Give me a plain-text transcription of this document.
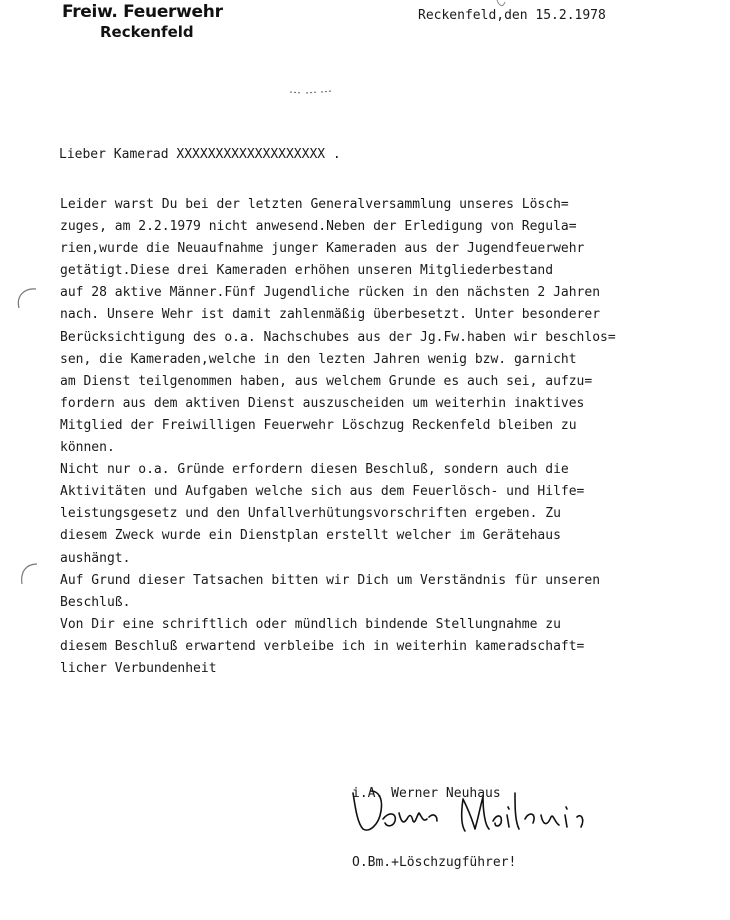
Freiw. Feuerwehr
Reckenfeld
Reckenfeld,den 15.2.1978
Lieber Kamerad XXXXXXXXXXXXXXXXXXX .
Leider warst Du bei der letzten Generalversammlung unseres Lösch=
zuges, am 2.2.1979 nicht anwesend.Neben der Erledigung von Regula=
rien,wurde die Neuaufnahme junger Kameraden aus der Jugendfeuerwehr
getätigt.Diese drei Kameraden erhöhen unseren Mitgliederbestand
auf 28 aktive Männer.Fünf Jugendliche rücken in den nächsten 2 Jahren
nach. Unsere Wehr ist damit zahlenmäßig überbesetzt. Unter besonderer
Berücksichtigung des o.a. Nachschubes aus der Jg.Fw.haben wir beschlos=
sen, die Kameraden,welche in den lezten Jahren wenig bzw. garnicht
am Dienst teilgenommen haben, aus welchem Grunde es auch sei, aufzu=
fordern aus dem aktiven Dienst auszuscheiden um weiterhin inaktives
Mitglied der Freiwilligen Feuerwehr Löschzug Reckenfeld bleiben zu
können.
Nicht nur o.a. Gründe erfordern diesen Beschluß, sondern auch die
Aktivitäten und Aufgaben welche sich aus dem Feuerlösch- und Hilfe=
leistungsgesetz und den Unfallverhütungsvorschriften ergeben. Zu
diesem Zweck wurde ein Dienstplan erstellt welcher im Gerätehaus
aushängt.
Auf Grund dieser Tatsachen bitten wir Dich um Verständnis für unseren
Beschluß.
Von Dir eine schriftlich oder mündlich bindende Stellungnahme zu
diesem Beschluß erwartend verbleibe ich in weiterhin kameradschaft=
licher Verbundenheit

i.A. Werner Neuhaus

O.Bm.+Löschzugführer!
